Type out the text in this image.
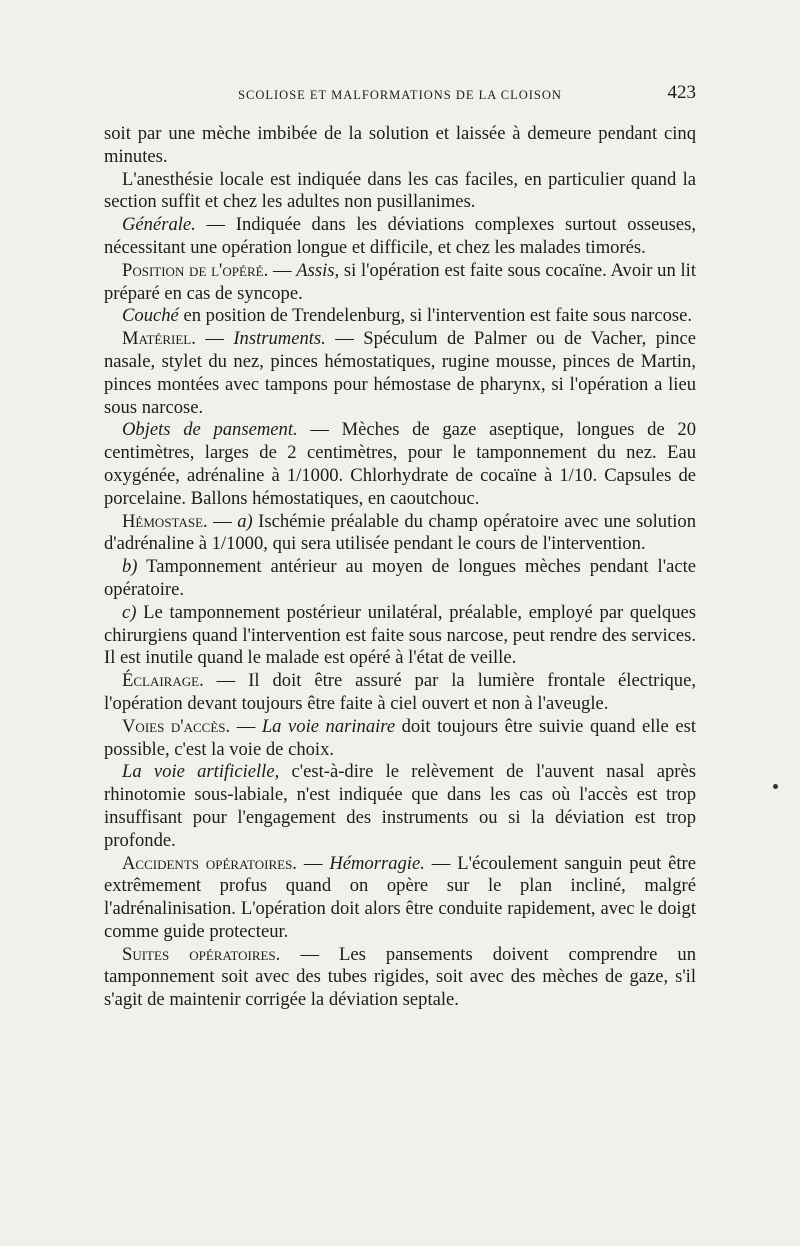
SCOLIOSE ET MALFORMATIONS DE LA CLOISON	423

soit par une mèche imbibée de la solution et laissée à demeure pendant cinq minutes.

L'anesthésie locale est indiquée dans les cas faciles, en particulier quand la section suffit et chez les adultes non pusillanimes.

Générale. — Indiquée dans les déviations complexes surtout osseuses, nécessitant une opération longue et difficile, et chez les malades timorés.

Position de l'opéré. — Assis, si l'opération est faite sous cocaïne. Avoir un lit préparé en cas de syncope.

Couché en position de Trendelenburg, si l'intervention est faite sous narcose.

Matériel. — Instruments. — Spéculum de Palmer ou de Vacher, pince nasale, stylet du nez, pinces hémostatiques, rugine mousse, pinces de Martin, pinces montées avec tampons pour hémostase de pharynx, si l'opération a lieu sous narcose.

Objets de pansement. — Mèches de gaze aseptique, longues de 20 centimètres, larges de 2 centimètres, pour le tamponnement du nez. Eau oxygénée, adrénaline à 1/1000. Chlorhydrate de cocaïne à 1/10. Capsules de porcelaine. Ballons hémostatiques, en caoutchouc.

Hémostase. — a) Ischémie préalable du champ opératoire avec une solution d'adrénaline à 1/1000, qui sera utilisée pendant le cours de l'intervention.

b) Tamponnement antérieur au moyen de longues mèches pendant l'acte opératoire.

c) Le tamponnement postérieur unilatéral, préalable, employé par quelques chirurgiens quand l'intervention est faite sous narcose, peut rendre des services. Il est inutile quand le malade est opéré à l'état de veille.

Éclairage. — Il doit être assuré par la lumière frontale électrique, l'opération devant toujours être faite à ciel ouvert et non à l'aveugle.

Voies d'accès. — La voie narinaire doit toujours être suivie quand elle est possible, c'est la voie de choix.

La voie artificielle, c'est-à-dire le relèvement de l'auvent nasal après rhinotomie sous-labiale, n'est indiquée que dans les cas où l'accès est trop insuffisant pour l'engagement des instruments ou si la déviation est trop profonde.

Accidents opératoires. — Hémorragie. — L'écoulement sanguin peut être extrêmement profus quand on opère sur le plan incliné, malgré l'adrénalinisation. L'opération doit alors être conduite rapidement, avec le doigt comme guide protecteur.

Suites opératoires. — Les pansements doivent comprendre un tamponnement soit avec des tubes rigides, soit avec des mèches de gaze, s'il s'agit de maintenir corrigée la déviation septale.
